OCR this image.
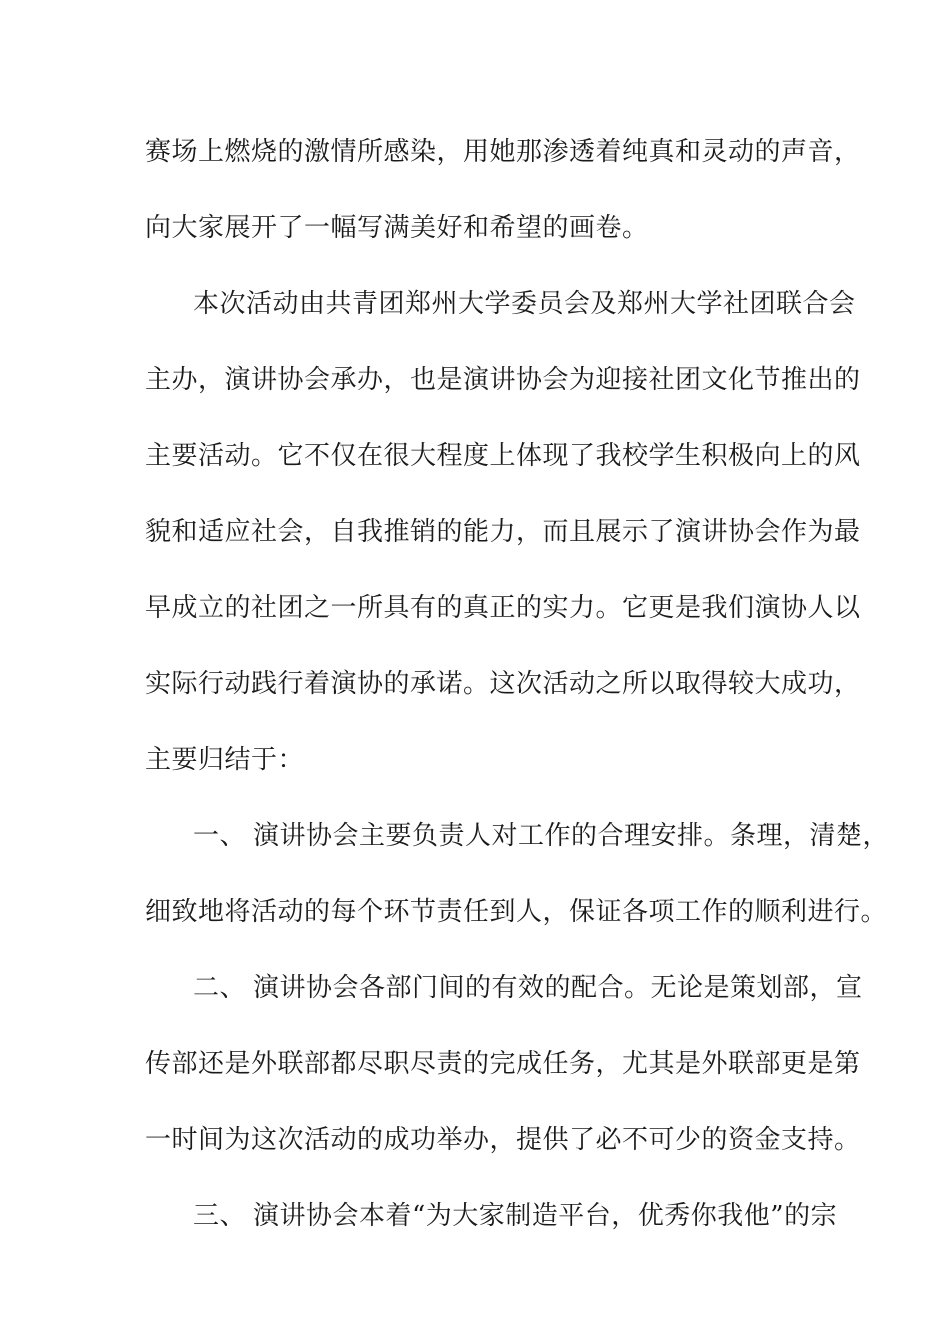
赛场上燃烧的激情所感染，用她那渗透着纯真和灵动的声音，
向大家展开了一幅写满美好和希望的画卷。
本次活动由共青团郑州大学委员会及郑州大学社团联合会
主办，演讲协会承办，也是演讲协会为迎接社团文化节推出的
主要活动。它不仅在很大程度上体现了我校学生积极向上的风
貌和适应社会，自我推销的能力，而且展示了演讲协会作为最
早成立的社团之一所具有的真正的实力。它更是我们演协人以
实际行动践行着演协的承诺。这次活动之所以取得较大成功，
主要归结于：
一、 演讲协会主要负责人对工作的合理安排。条理，清楚，
细致地将活动的每个环节责任到人，保证各项工作的顺利进行。
二、 演讲协会各部门间的有效的配合。无论是策划部，宣
传部还是外联部都尽职尽责的完成任务，尤其是外联部更是第
一时间为这次活动的成功举办，提供了必不可少的资金支持。
三、 演讲协会本着“为大家制造平台，优秀你我他”的宗
